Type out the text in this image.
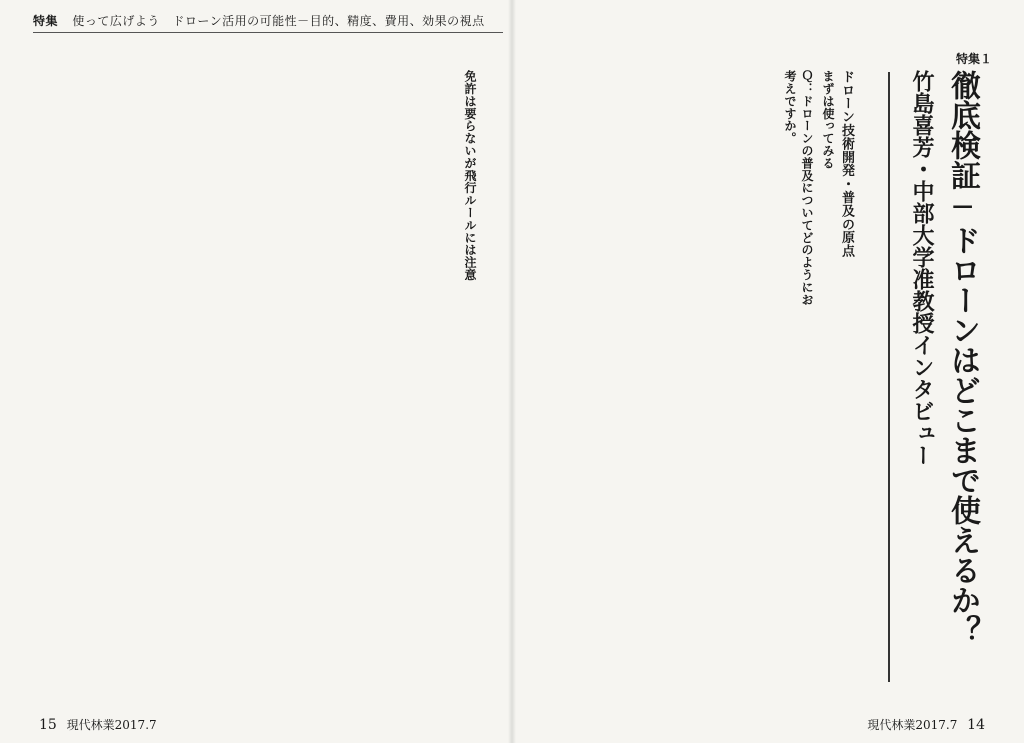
特集 使って広げよう　ドローン活用の可能性－目的、精度、費用、効果の視点

免許は要らないが飛行ルールには注意

15 現代林業2017.7
特集１
徹底検証─ドローンはどこまで使えるか？
竹島喜芳・中部大学准教授インタビュー

ドローン技術開発・普及の原点

まずは使ってみる

Ｑ：ドローンの普及についてどのようにお考えですか。

現代林業2017.7 14
